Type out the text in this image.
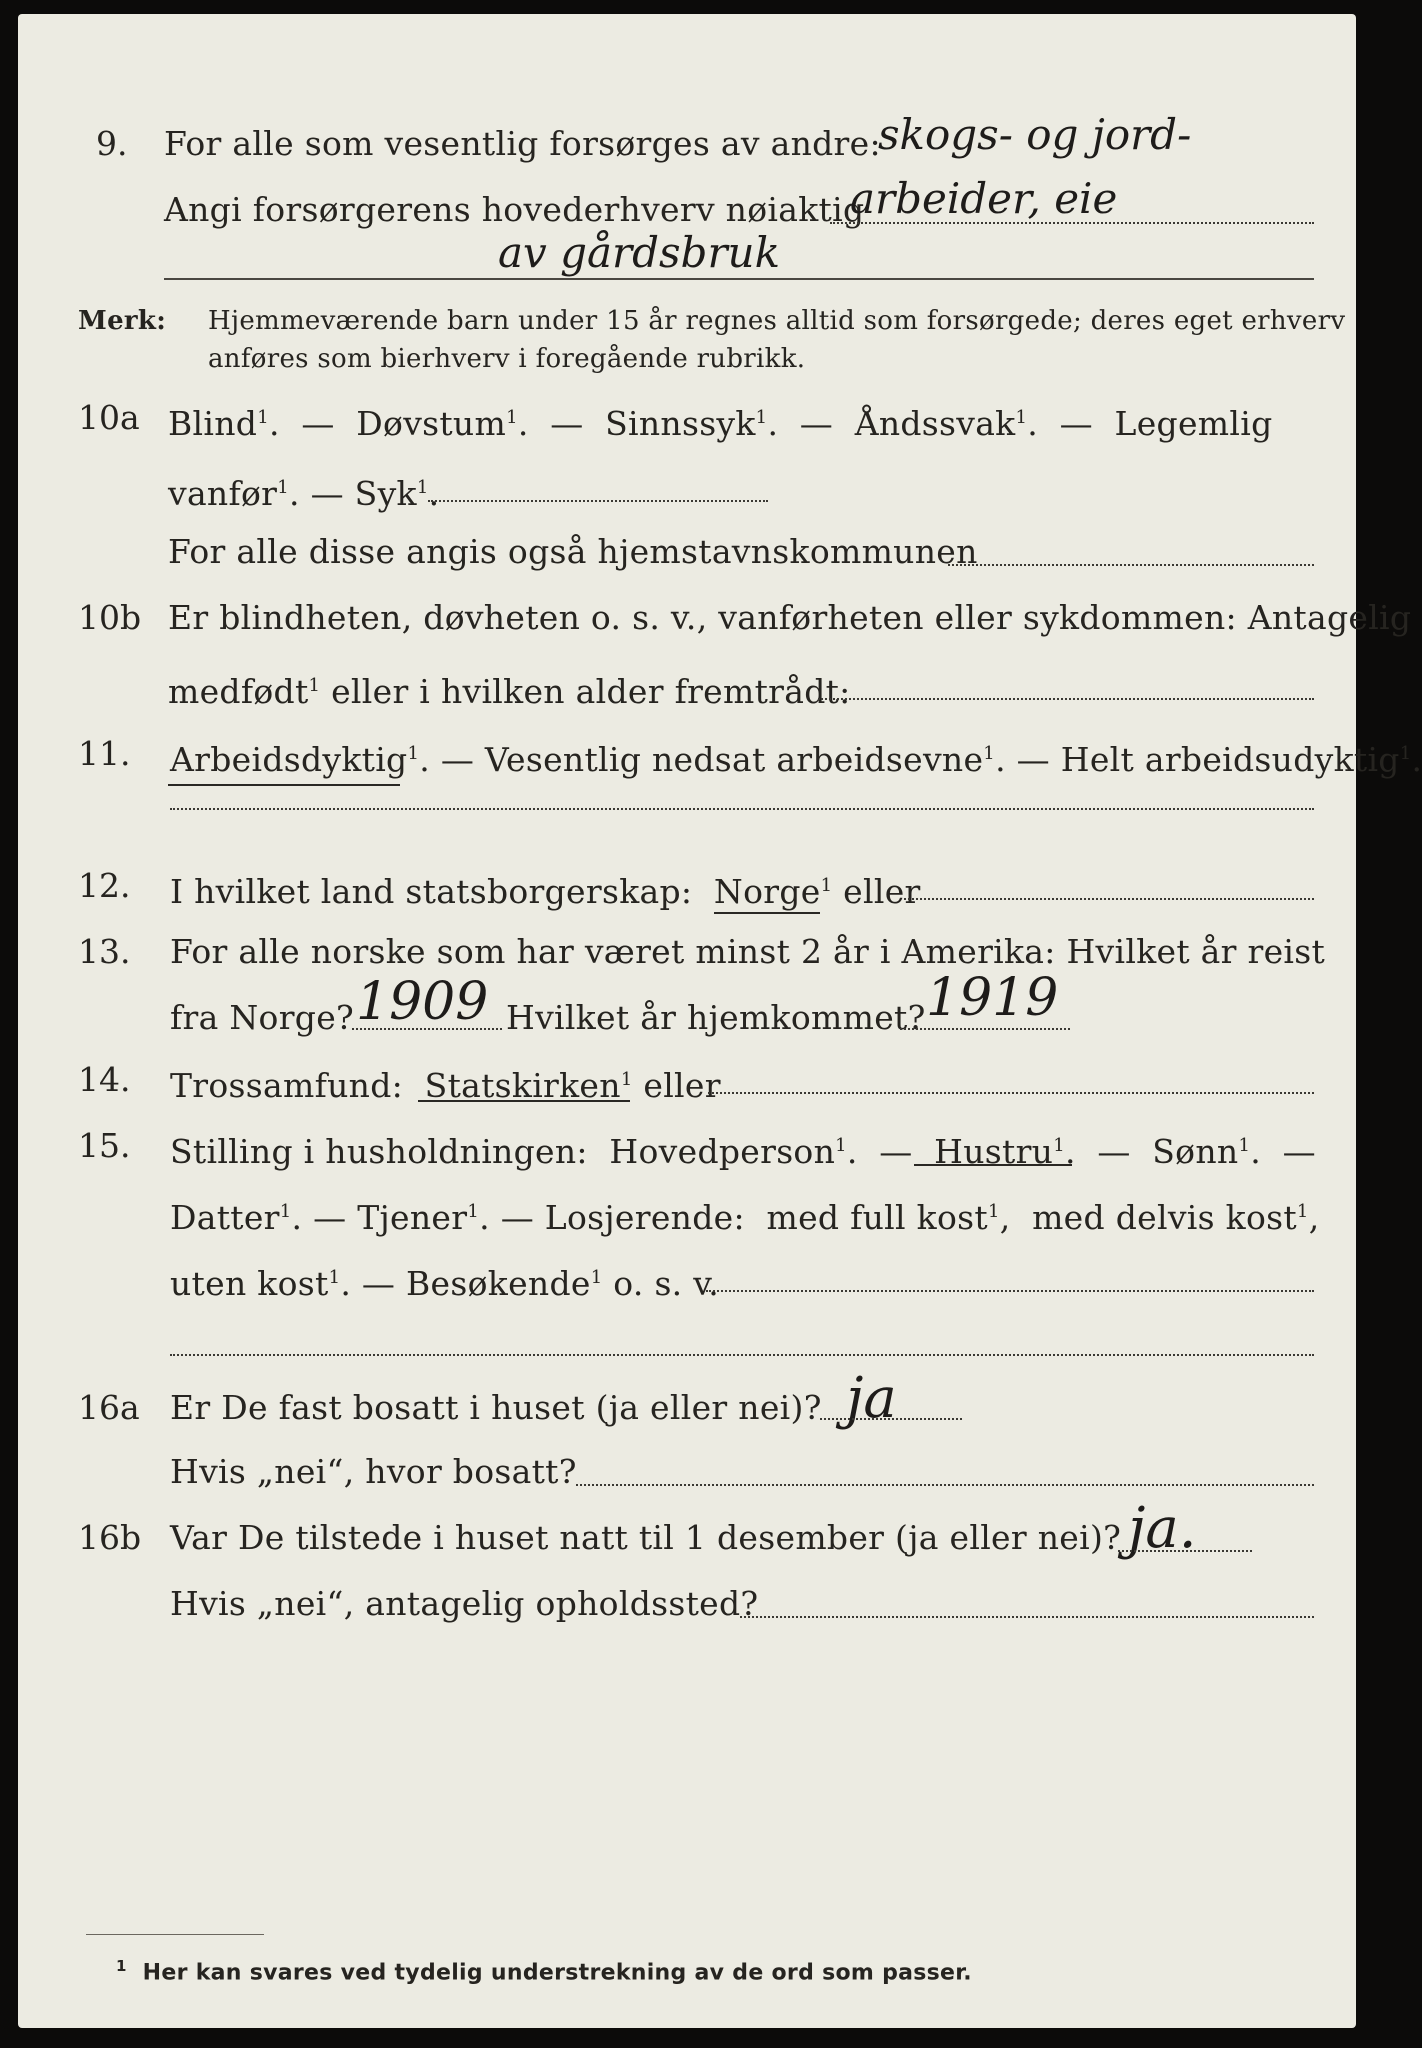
9. For alle som vesentlig forsørges av andre:
skogs- og jord-
Angi forsørgerens hovederhverv nøiaktig
arbeider, eie
av gårdsbruk
Merk: Hjemmeværende barn under 15 år regnes alltid som forsørgede; deres eget erhverv
anføres som bierhverv i foregående rubrikk.
10a Blind$^1$.  —  Døvstum$^1$.  —  Sinnssyk$^1$.  —  Åndssvak$^1$.  —  Legemlig
vanfør$^1$. — Syk$^1$.
For alle disse angis også hjemstavnskommunen
10b Er blindheten, døvheten o. s. v., vanførheten eller sykdommen: Antagelig
medfødt$^1$ eller i hvilken alder fremtrådt:
11. Arbeidsdyktig$^1$. — Vesentlig nedsat arbeidsevne$^1$. — Helt arbeidsudyktig$^1$.
12. I hvilket land statsborgerskap: Norge$^1$ eller
13. For alle norske som har været minst 2 år i Amerika: Hvilket år reist
fra Norge? 1909 Hvilket år hjemkommet? 1919
14. Trossamfund: Statskirken$^1$ eller
15. Stilling i husholdningen: Hovedperson$^1$.  —  Hustru$^1$.  —  Sønn$^1$.  —
Datter$^1$. — Tjener$^1$. — Losjerende: med full kost$^1$,  med delvis kost$^1$,
uten kost$^1$. — Besøkende$^1$ o. s. v.
16a Er De fast bosatt i huset (ja eller nei)? ja
Hvis „nei“, hvor bosatt?
16b Var De tilstede i huset natt til 1 desember (ja eller nei)? ja.
Hvis „nei“, antagelig opholdssted?
$^1$ Her kan svares ved tydelig understrekning av de ord som passer.
